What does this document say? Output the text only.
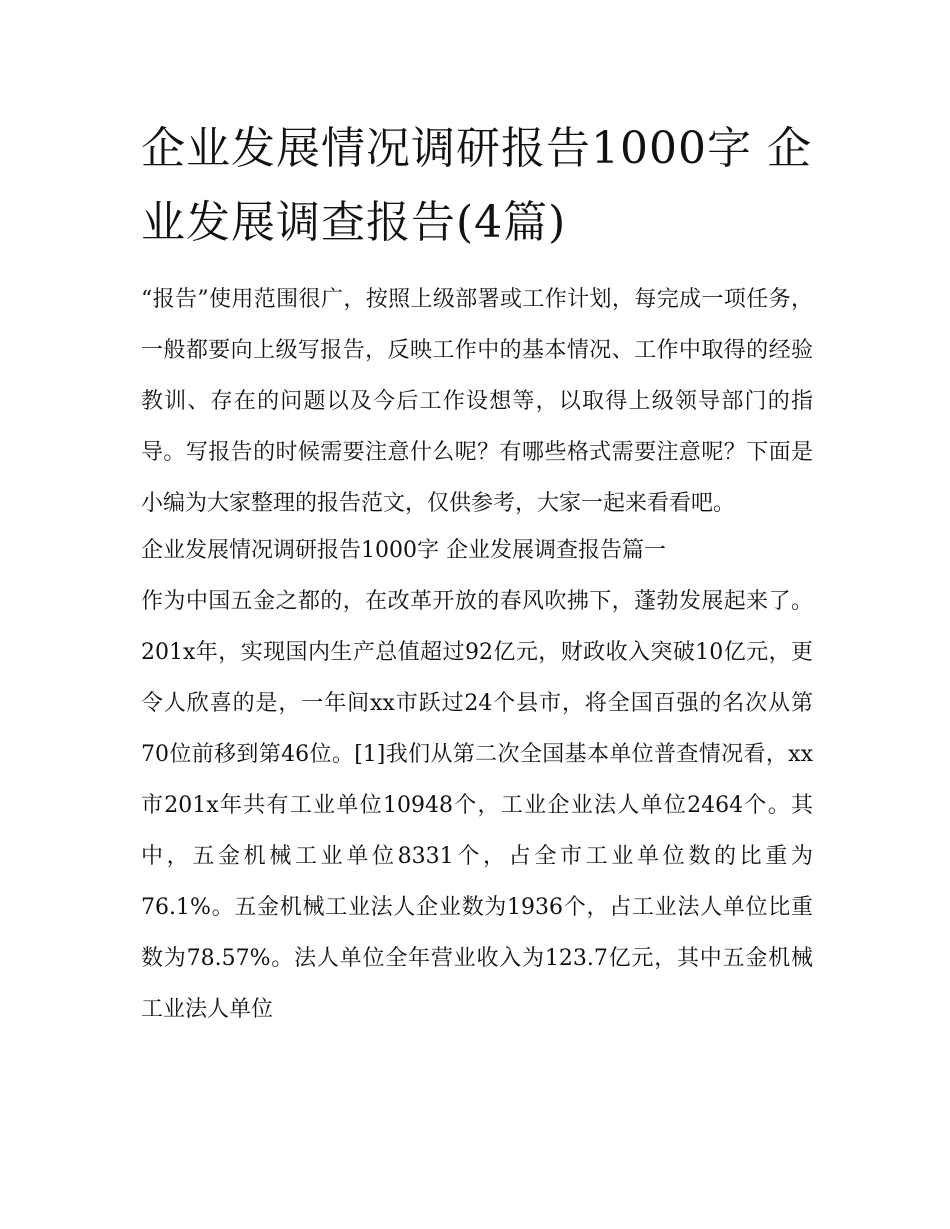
企业发展情况调研报告1000字 企业发展调查报告(4篇)

“报告”使用范围很广，按照上级部署或工作计划，每完成一项任务，一般都要向上级写报告，反映工作中的基本情况、工作中取得的经验教训、存在的问题以及今后工作设想等，以取得上级领导部门的指导。写报告的时候需要注意什么呢？有哪些格式需要注意呢？下面是小编为大家整理的报告范文，仅供参考，大家一起来看看吧。

企业发展情况调研报告1000字 企业发展调查报告篇一

作为中国五金之都的，在改革开放的春风吹拂下，蓬勃发展起来了。201x年，实现国内生产总值超过92亿元，财政收入突破10亿元，更令人欣喜的是，一年间xx市跃过24个县市，将全国百强的名次从第70位前移到第46位。[1]我们从第二次全国基本单位普查情况看，xx市201x年共有工业单位10948个，工业企业法人单位2464个。其中，五金机械工业单位8331个，占全市工业单位数的比重为76.1%。五金机械工业法人企业数为1936个，占工业法人单位比重数为78.57%。法人单位全年营业收入为123.7亿元，其中五金机械工业法人单位
